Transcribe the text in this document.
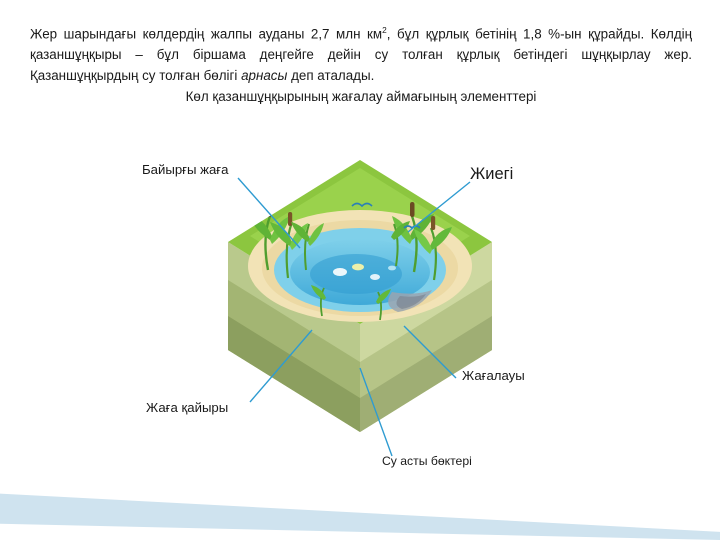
Жер шарындағы көлдердің жалпы ауданы 2,7 млн $км^2$, бұл құрлық бетінің 1,8 %-ын құрайды. Көлдің қазаншұңқыры – бұл біршама деңгейге дейін су толған құрлық бетіндегі шұңқырлау жер. Қазаншұңқырдың су толған бөлігі арнасы деп аталады.
Көл қазаншұңқырының жағалау аймағының элементтері
Байырғы жаға	Жиегі
Жағалауы
Жаға қайыры
Су асты бөктері
